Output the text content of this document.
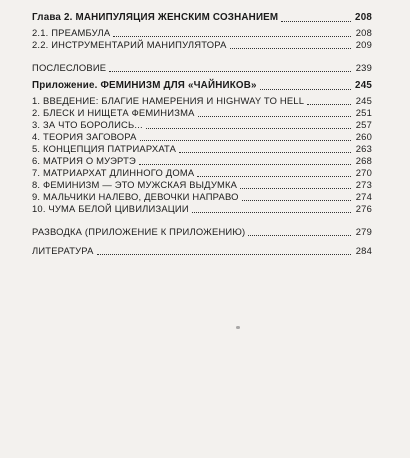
Глава 2. МАНИПУЛЯЦИЯ ЖЕНСКИМ СОЗНАНИЕМ	208
2.1. ПРЕАМБУЛА	208
2.2. ИНСТРУМЕНТАРИЙ МАНИПУЛЯТОРА	209
ПОСЛЕСЛОВИЕ	239
Приложение. ФЕМИНИЗМ ДЛЯ «ЧАЙНИКОВ»	245
1. ВВЕДЕНИЕ: БЛАГИЕ НАМЕРЕНИЯ И HIGHWAY TO HELL	245
2. БЛЕСК И НИЩЕТА ФЕМИНИЗМА	251
3. ЗА ЧТО БОРОЛИСЬ...	257
4. ТЕОРИЯ ЗАГОВОРА	260
5. КОНЦЕПЦИЯ ПАТРИАРХАТА	263
6. МАТРИЯ О МУЭРТЭ	268
7. МАТРИАРХАТ ДЛИННОГО ДОМА	270
8. ФЕМИНИЗМ — ЭТО МУЖСКАЯ ВЫДУМКА	273
9. МАЛЬЧИКИ НАЛЕВО, ДЕВОЧКИ НАПРАВО	274
10. ЧУМА БЕЛОЙ ЦИВИЛИЗАЦИИ	276
РАЗВОДКА (ПРИЛОЖЕНИЕ К ПРИЛОЖЕНИЮ)	279
ЛИТЕРАТУРА	284
